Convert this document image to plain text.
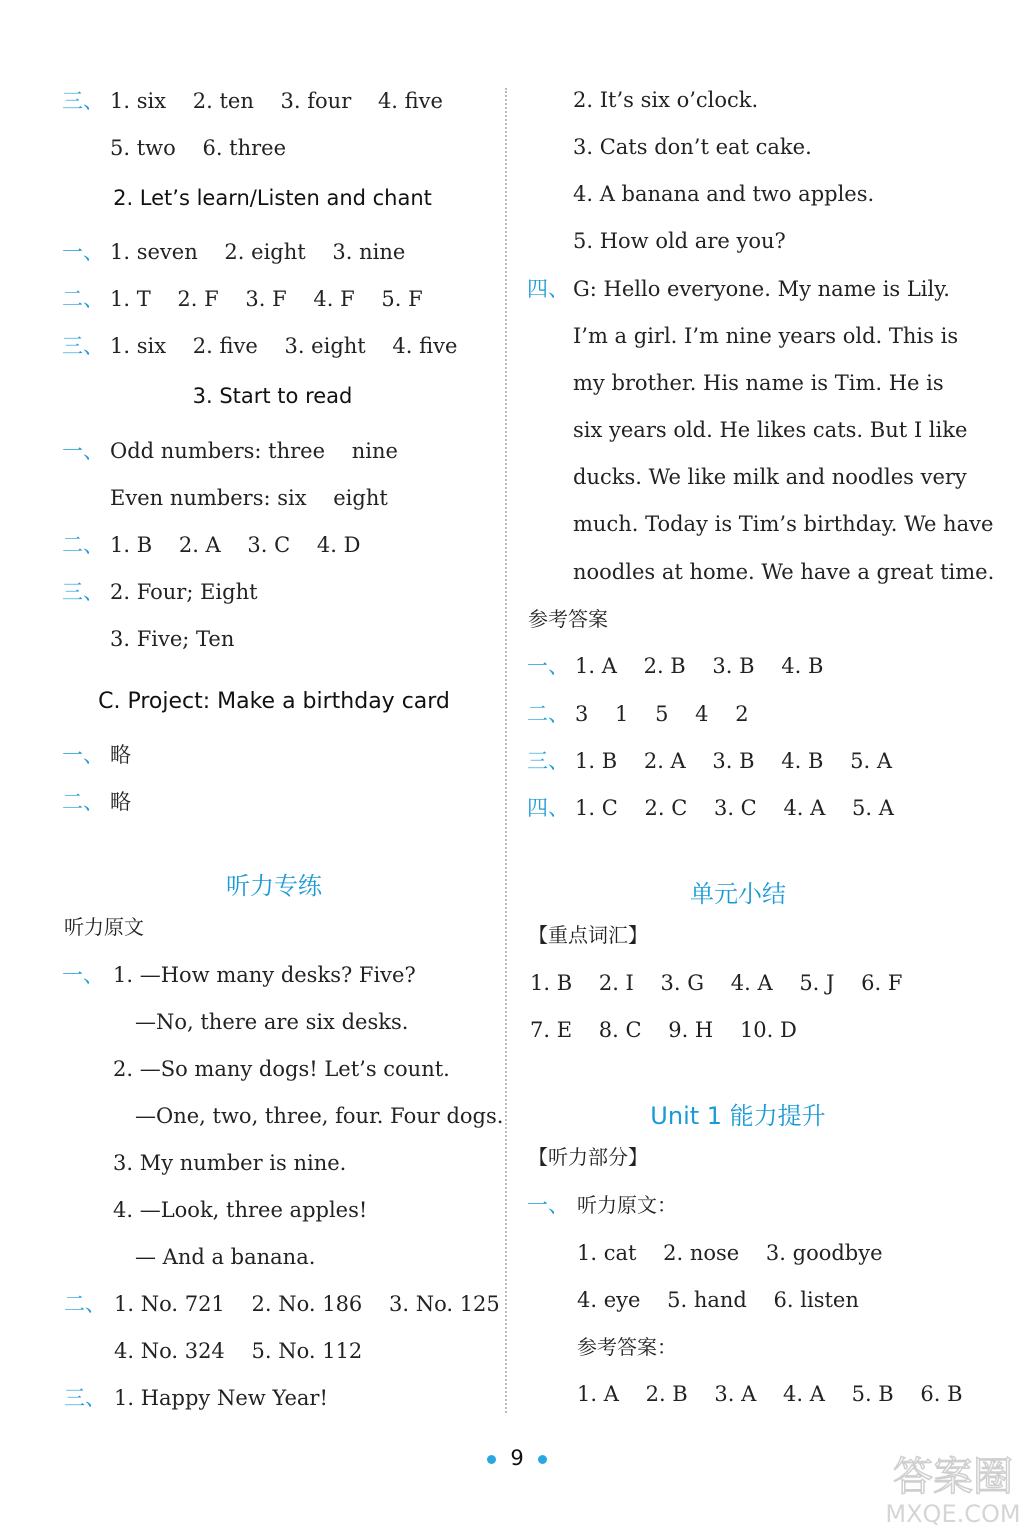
三、 1. six    2. ten    3. four    4. five
5. two    6. three
2. Let’s learn/Listen and chant
一、 1. seven    2. eight    3. nine
二、 1. T    2. F    3. F    4. F    5. F
三、 1. six    2. five    3. eight    4. five
3. Start to read
一、 Odd numbers: three    nine
Even numbers: six    eight
二、 1. B    2. A    3. C    4. D
三、 2. Four; Eight
3. Five; Ten
C. Project: Make a birthday card
一、 略
二、 略
听力专练
听力原文
一、 1. —How many desks? Five?
—No, there are six desks.
2. —So many dogs! Let’s count.
—One, two, three, four. Four dogs.
3. My number is nine.
4. —Look, three apples!
— And a banana.
二、 1. No. 721    2. No. 186    3. No. 125
4. No. 324    5. No. 112
三、 1. Happy New Year!
2. It’s six o’clock.
3. Cats don’t eat cake.
4. A banana and two apples.
5. How old are you?
四、 G: Hello everyone. My name is Lily.
I’m a girl. I’m nine years old. This is
my brother. His name is Tim. He is
six years old. He likes cats. But I like
ducks. We like milk and noodles very
much. Today is Tim’s birthday. We have
noodles at home. We have a great time.
参考答案
一、 1. A    2. B    3. B    4. B
二、 3    1    5    4    2
三、 1. B    2. A    3. B    4. B    5. A
四、 1. C    2. C    3. C    4. A    5. A
单元小结
【重点词汇】
1. B    2. I    3. G    4. A    5. J    6. F
7. E    8. C    9. H    10. D
Unit 1 能力提升
【听力部分】
一、 听力原文：
1. cat    2. nose    3. goodbye
4. eye    5. hand    6. listen
参考答案：
1. A    2. B    3. A    4. A    5. B    6. B
9	答案圈
MXQE.COM
